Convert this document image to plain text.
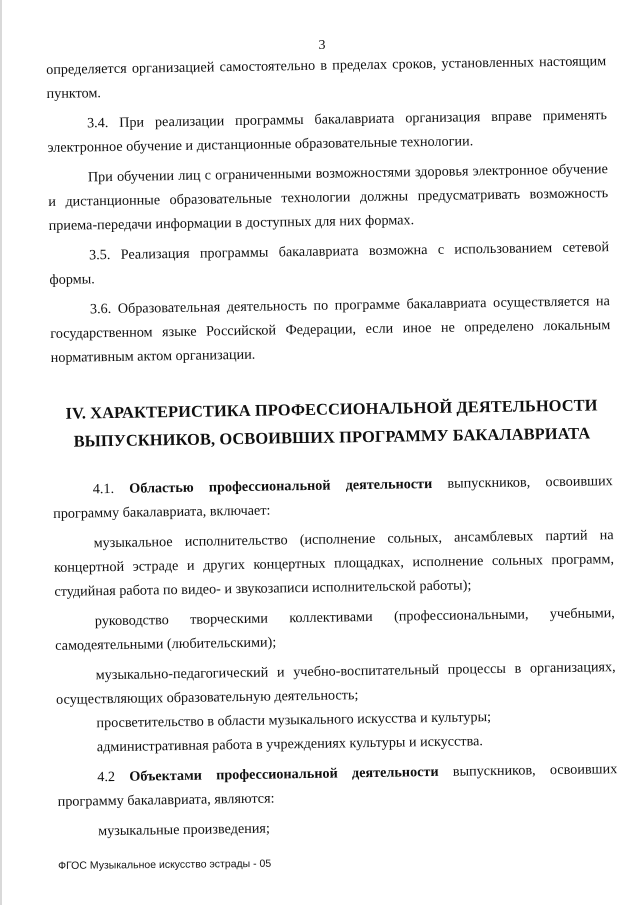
3

определяется организацией самостоятельно в пределах сроков, установленных настоящим пунктом.

3.4. При реализации программы бакалавриата организация вправе применять электронное обучение и дистанционные образовательные технологии.

При обучении лиц с ограниченными возможностями здоровья электронное обучение и дистанционные образовательные технологии должны предусматривать возможность приема-передачи информации в доступных для них формах.

3.5. Реализация программы бакалавриата возможна с использованием сетевой формы.

3.6. Образовательная деятельность по программе бакалавриата осуществляется на государственном языке Российской Федерации, если иное не определено локальным нормативным актом организации.

IV. ХАРАКТЕРИСТИКА ПРОФЕССИОНАЛЬНОЙ ДЕЯТЕЛЬНОСТИ
ВЫПУСКНИКОВ, ОСВОИВШИХ ПРОГРАММУ БАКАЛАВРИАТА

4.1. Областью профессиональной деятельности выпускников, освоивших программу бакалавриата, включает:

музыкальное исполнительство (исполнение сольных, ансамблевых партий на концертной эстраде и других концертных площадках, исполнение сольных программ, студийная работа по видео- и звукозаписи исполнительской работы);

руководство творческими коллективами (профессиональными, учебными, самодеятельными (любительскими);

музыкально-педагогический и учебно-воспитательный процессы в организациях, осуществляющих образовательную деятельность;

просветительство в области музыкального искусства и культуры;

административная работа в учреждениях культуры и искусства.

4.2 Объектами профессиональной деятельности выпускников, освоивших программу бакалавриата, являются:

музыкальные произведения;

ФГОС Музыкальное искусство эстрады - 05
